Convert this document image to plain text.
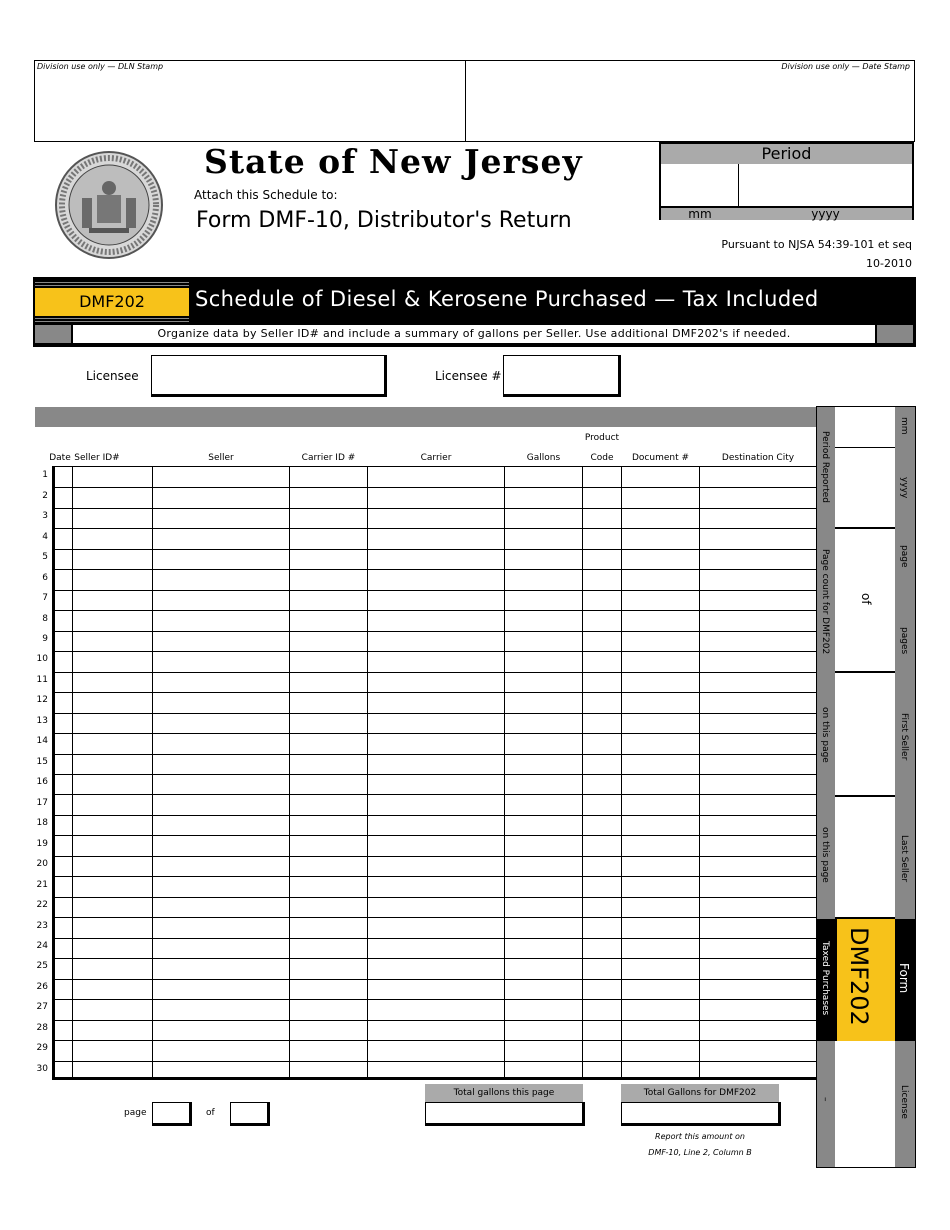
Division use only — DLN Stamp	Division use only — Date Stamp
State of New Jersey
Attach this Schedule to:
Form DMF-10, Distributor's Return
Period
mm	yyyy
Pursuant to NJSA 54:39-101 et seq
10-2010
DMF202	Schedule of Diesel & Kerosene Purchased — Tax Included
Organize data by Seller ID# and include a summary of gallons per Seller. Use additional DMF202's if needed.
Licensee	Licensee #
Product
Date Seller ID#	Seller	Carrier ID #	Carrier	Gallons	Code	Document #	Destination City
1
2
3
4
5
6
7
8
9
10
11
12
13
14
15
16
17
18
19
20
21
22
23
24
25
26
27
28
29
30
Period Reported
mm
yyyy
Page count for DMF202 of
page
pages
on this page	First Seller
on this page	Last Seller
Taxed Purchases DMF202 Form
–	License
page	of
Total gallons this page	Total Gallons for DMF202
Report this amount on
DMF-10, Line 2, Column B
